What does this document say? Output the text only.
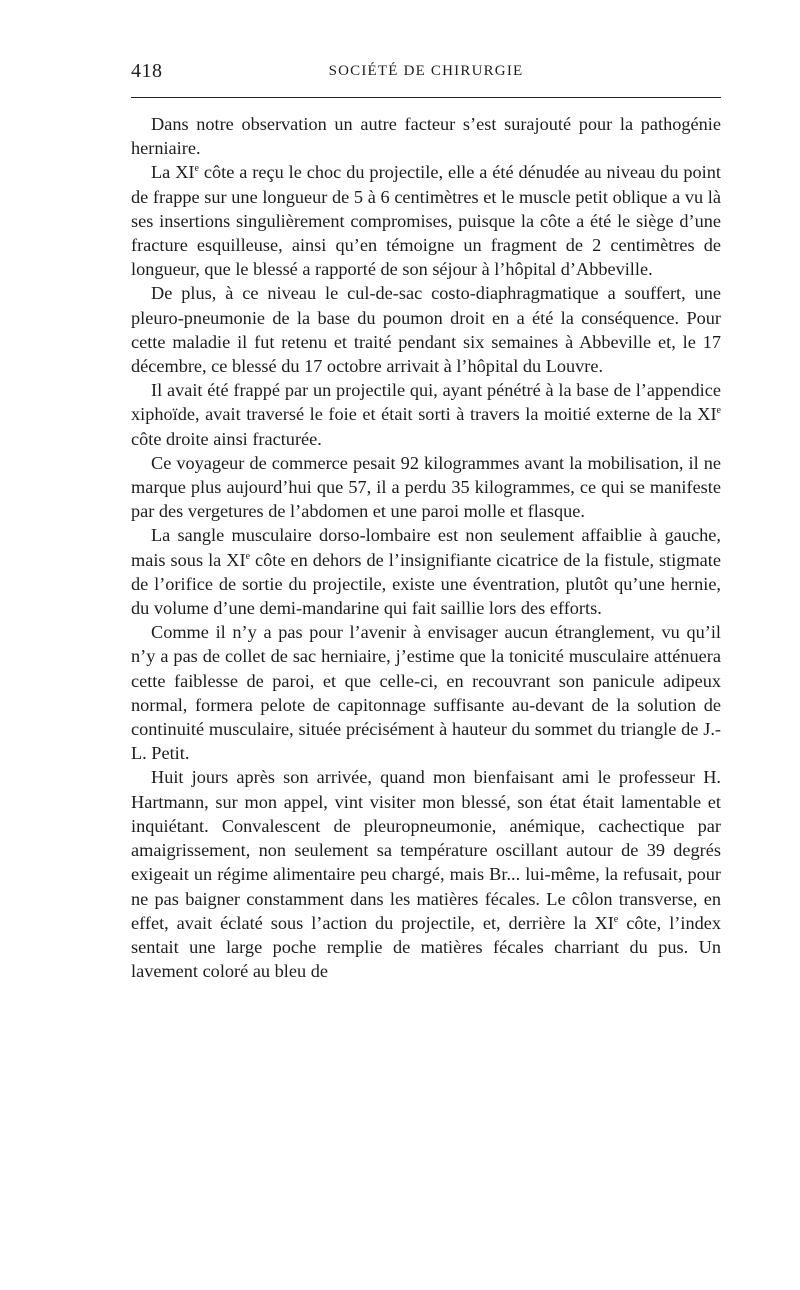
418	SOCIÉTÉ DE CHIRURGIE

Dans notre observation un autre facteur s’est surajouté pour la pathogénie herniaire.

La XIe côte a reçu le choc du projectile, elle a été dénudée au niveau du point de frappe sur une longueur de 5 à 6 centimètres et le muscle petit oblique a vu là ses insertions singulièrement compromises, puisque la côte a été le siège d’une fracture esquilleuse, ainsi qu’en témoigne un fragment de 2 centimètres de longueur, que le blessé a rapporté de son séjour à l’hôpital d’Abbeville.

De plus, à ce niveau le cul-de-sac costo-diaphragmatique a souffert, une pleuro-pneumonie de la base du poumon droit en a été la conséquence. Pour cette maladie il fut retenu et traité pendant six semaines à Abbeville et, le 17 décembre, ce blessé du 17 octobre arrivait à l’hôpital du Louvre.

Il avait été frappé par un projectile qui, ayant pénétré à la base de l’appendice xiphoïde, avait traversé le foie et était sorti à travers la moitié externe de la XIe côte droite ainsi fracturée.

Ce voyageur de commerce pesait 92 kilogrammes avant la mobilisation, il ne marque plus aujourd’hui que 57, il a perdu 35 kilogrammes, ce qui se manifeste par des vergetures de l’abdomen et une paroi molle et flasque.

La sangle musculaire dorso-lombaire est non seulement affaiblie à gauche, mais sous la XIe côte en dehors de l’insignifiante cicatrice de la fistule, stigmate de l’orifice de sortie du projectile, existe une éventration, plutôt qu’une hernie, du volume d’une demi-mandarine qui fait saillie lors des efforts.

Comme il n’y a pas pour l’avenir à envisager aucun étranglement, vu qu’il n’y a pas de collet de sac herniaire, j’estime que la tonicité musculaire atténuera cette faiblesse de paroi, et que celle-ci, en recouvrant son panicule adipeux normal, formera pelote de capitonnage suffisante au-devant de la solution de continuité musculaire, située précisément à hauteur du sommet du triangle de J.-L. Petit.

Huit jours après son arrivée, quand mon bienfaisant ami le professeur H. Hartmann, sur mon appel, vint visiter mon blessé, son état était lamentable et inquiétant. Convalescent de pleuropneumonie, anémique, cachectique par amaigrissement, non seulement sa température oscillant autour de 39 degrés exigeait un régime alimentaire peu chargé, mais Br... lui-même, la refusait, pour ne pas baigner constamment dans les matières fécales. Le côlon transverse, en effet, avait éclaté sous l’action du projectile, et, derrière la XIe côte, l’index sentait une large poche remplie de matières fécales charriant du pus. Un lavement coloré au bleu de
